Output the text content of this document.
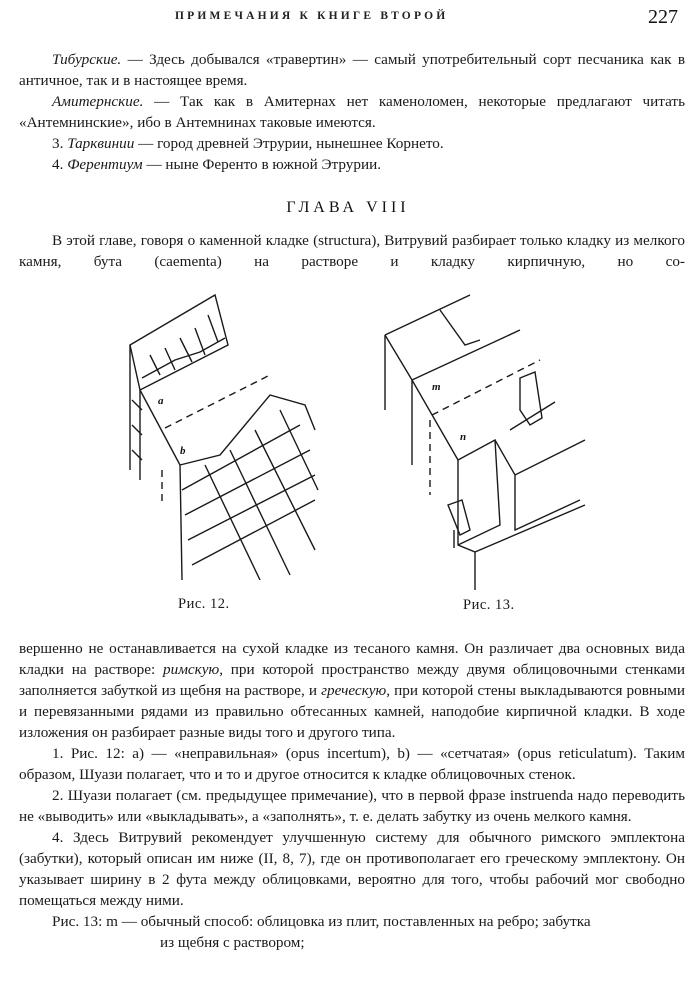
ПРИМЕЧАНИЯ К КНИГЕ ВТОРОЙ	227

Тибурские. — Здесь добывался «травертин» — самый употребительный сорт песчаника как в античное, так и в настоящее время.

Амитернские. — Так как в Амитернах нет каменоломен, некоторые предлагают читать «Антемнинские», ибо в Антемнинах таковые имеются.

3. Тарквинии — город древней Этрурии, нынешнее Корнето.

4. Ферентиум — ныне Ференто в южной Этрурии.

ГЛАВА VIII

В этой главе, говоря о каменной кладке (structura), Витрувий разбирает только кладку из мелкого камня, бута (caementa) на растворе и кладку кирпичную, но со-

a
b
Рис. 12.
m
n
Рис. 13.

вершенно не останавливается на сухой кладке из тесаного камня. Он различает два основных вида кладки на растворе: римскую, при которой пространство между двумя облицовочными стенками заполняется забуткой из щебня на растворе, и греческую, при которой стены выкладываются ровными и перевязанными рядами из правильно обтесанных камней, наподобие кирпичной кладки. В ходе изложения он разбирает разные виды того и другого типа.

1. Рис. 12: a) — «неправильная» (opus incertum), b) — «сетчатая» (opus reticulatum). Таким образом, Шуази полагает, что и то и другое относится к кладке облицовочных стенок.

2. Шуази полагает (см. предыдущее примечание), что в первой фразе instruenda надо переводить не «выводить» или «выкладывать», а «заполнять», т. е. делать забутку из очень мелкого камня.

4. Здесь Витрувий рекомендует улучшенную систему для обычного римского эмплектона (забутки), который описан им ниже (II, 8, 7), где он противополагает его греческому эмплектону. Он указывает ширину в 2 фута между облицовками, вероятно для того, чтобы рабочий мог свободно помещаться между ними.

Рис. 13: m — обычный способ: облицовка из плит, поставленных на ребро; забутка

из щебня с раствором;
